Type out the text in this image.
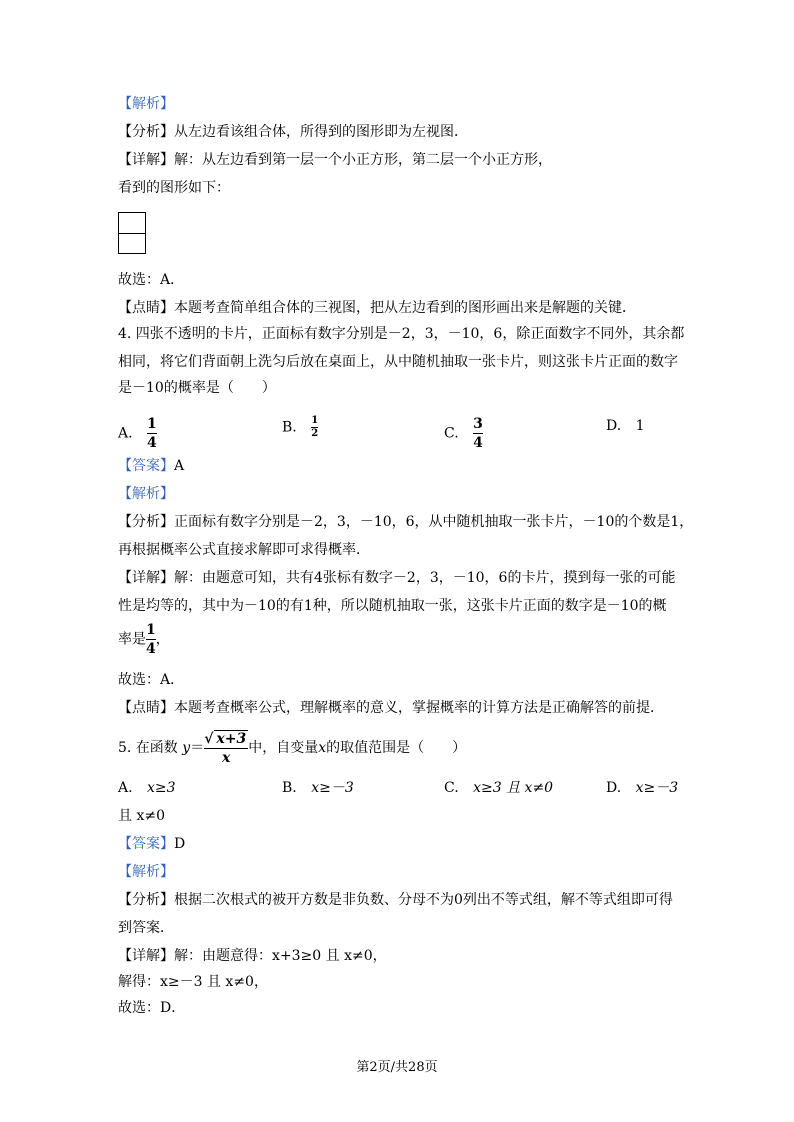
【解析】
【分析】从左边看该组合体，所得到的图形即为左视图．
【详解】解：从左边看到第一层一个小正方形，第二层一个小正方形，
看到的图形如下：
故选：A．
【点睛】本题考查简单组合体的三视图，把从左边看到的图形画出来是解题的关键．
4. 四张不透明的卡片，正面标有数字分别是－2，3，－10，6，除正面数字不同外，其余都
相同，将它们背面朝上洗匀后放在桌面上，从中随机抽取一张卡片，则这张卡片正面的数字
是－10的概率是（　　）
A. $\frac{1}{4}$	B. $\frac{1}{2}$	C. $\frac{3}{4}$	D. 1
【答案】A
【解析】
【分析】正面标有数字分别是－2，3，－10，6，从中随机抽取一张卡片，－10的个数是1，
再根据概率公式直接求解即可求得概率．
【详解】解：由题意可知，共有4张标有数字－2，3，－10，6的卡片，摸到每一张的可能
性是均等的，其中为－10的有1种，所以随机抽取一张，这张卡片正面的数字是－10的概
率是 $\frac{1}{4}$ ，
故选：A．
【点睛】本题考查概率公式，理解概率的意义，掌握概率的计算方法是正确解答的前提．
5. 在函数 $y= \frac{√ x+3}{x}$ 中，自变量x的取值范围是（　　）
A. x≥3	B. x≥－3	C. x≥3 且 x≠0	D. x≥－3
且 x≠0
【答案】D
【解析】
【分析】根据二次根式的被开方数是非负数、分母不为0列出不等式组，解不等式组即可得
到答案．
【详解】解：由题意得：x+3≥0 且 x≠0，
解得：x≥－3 且 x≠0，
故选：D．
第2页/共28页
